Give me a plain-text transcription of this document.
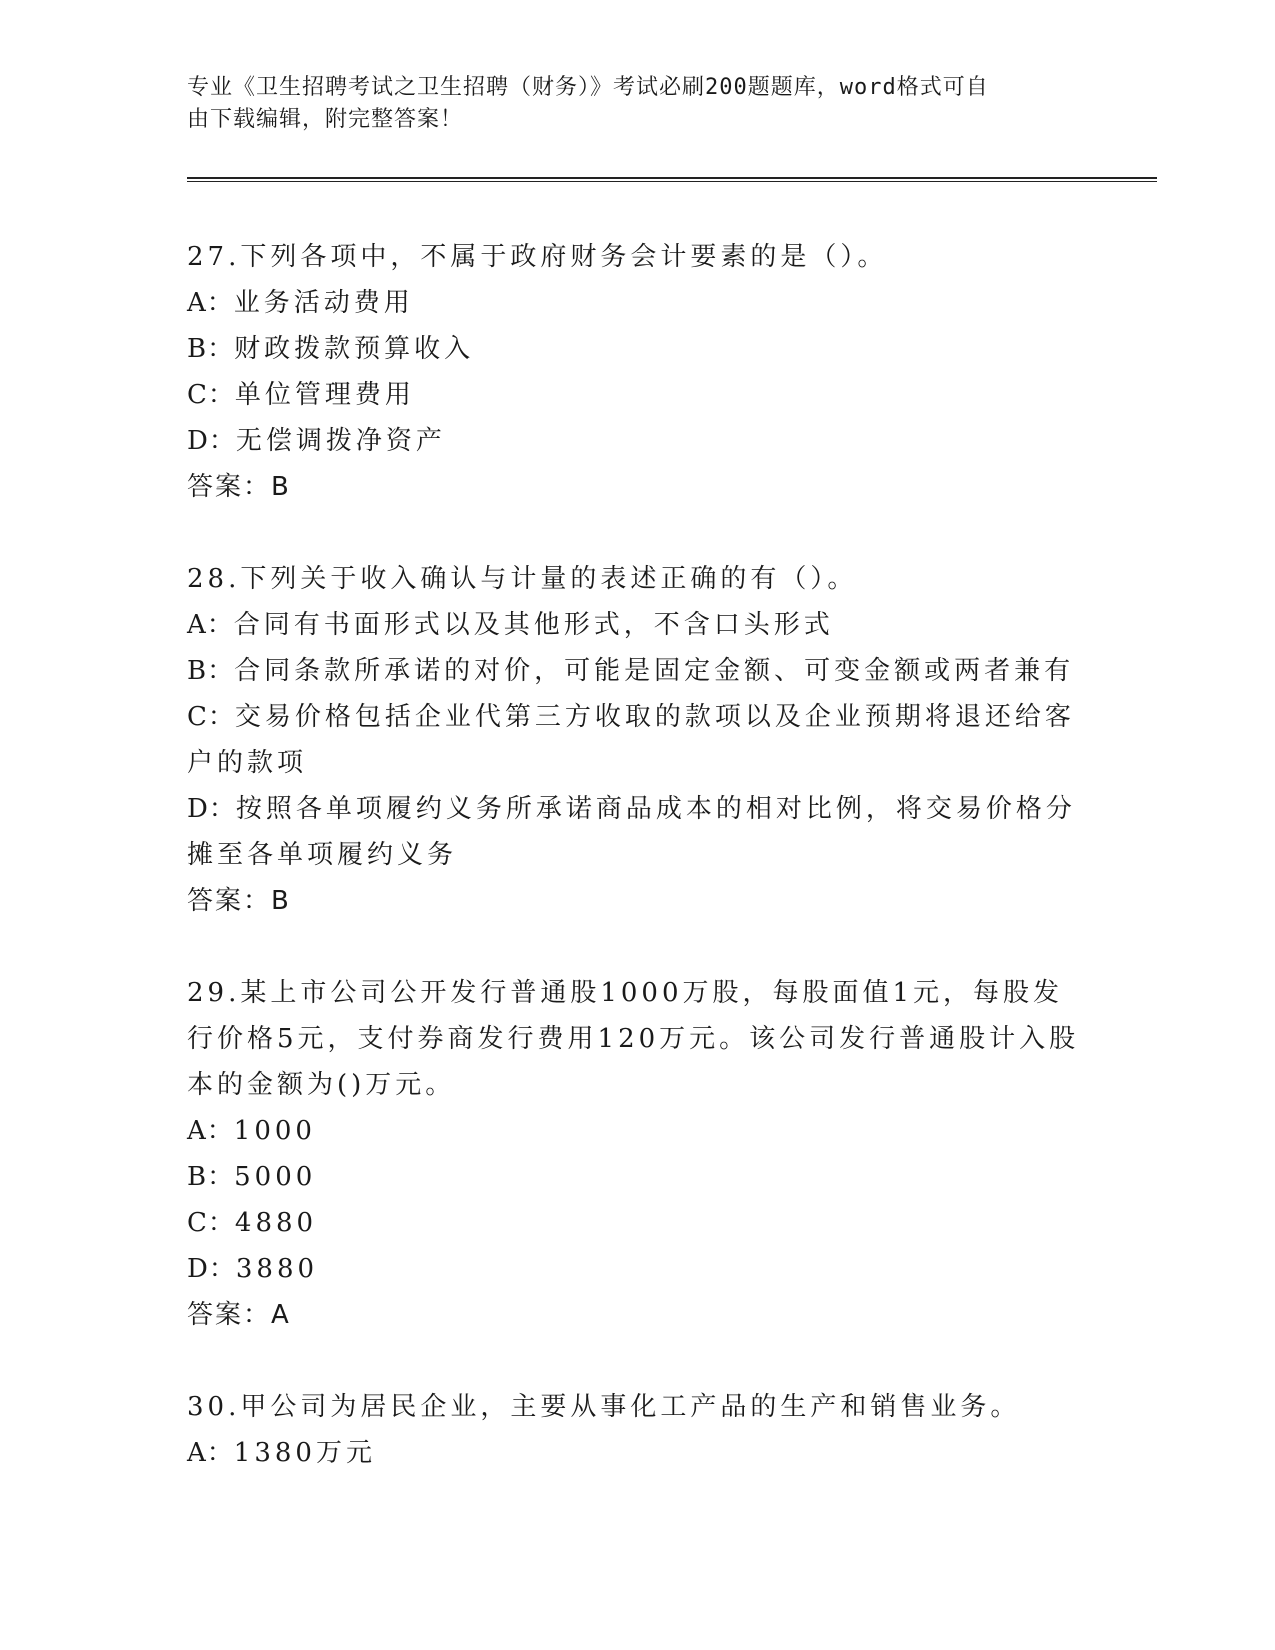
专业《卫生招聘考试之卫生招聘（财务）》考试必刷200题题库，word格式可自
由下载编辑，附完整答案！
27.下列各项中，不属于政府财务会计要素的是（）。
A：业务活动费用
B：财政拨款预算收入
C：单位管理费用
D：无偿调拨净资产
答案：B
28.下列关于收入确认与计量的表述正确的有（）。
A：合同有书面形式以及其他形式，不含口头形式
B：合同条款所承诺的对价，可能是固定金额、可变金额或两者兼有
C：交易价格包括企业代第三方收取的款项以及企业预期将退还给客户的款项
D：按照各单项履约义务所承诺商品成本的相对比例，将交易价格分摊至各单项履约义务
答案：B
29.某上市公司公开发行普通股1000万股，每股面值1元，每股发行价格5元，支付券商发行费用120万元。该公司发行普通股计入股本的金额为()万元。
A：1000
B：5000
C：4880
D：3880
答案：A
30.甲公司为居民企业，主要从事化工产品的生产和销售业务。
A：1380万元
